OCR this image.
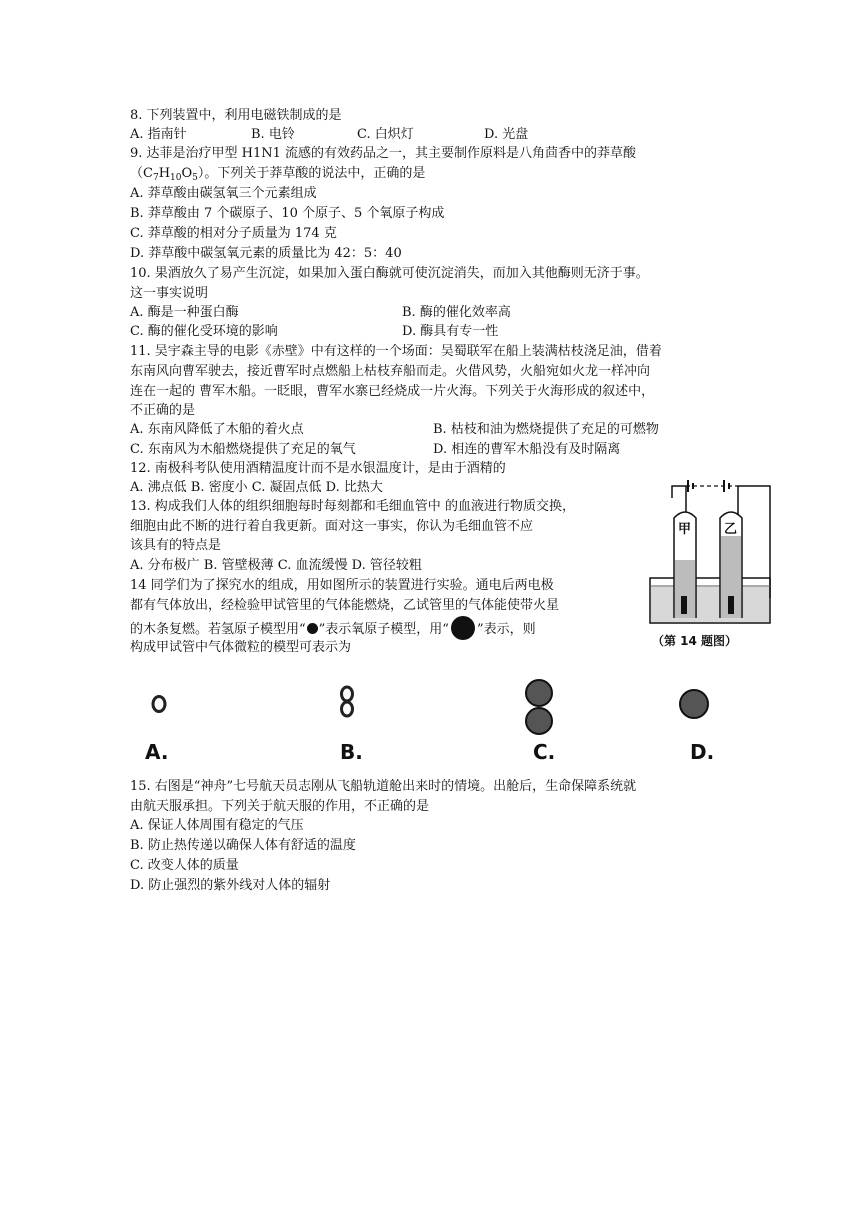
8. 下列装置中，利用电磁铁制成的是
A. 指南针	B. 电铃	C. 白炽灯	D. 光盘
9. 达菲是治疗甲型 H1N1 流感的有效药品之一，其主要制作原料是八角茴香中的莽草酸
$(C_7H_{10}O_5)$。下列关于莽草酸的说法中，正确的是
A. 莽草酸由碳氢氧三个元素组成
B. 莽草酸由 7 个碳原子、10 个原子、5 个氧原子构成
C. 莽草酸的相对分子质量为 174 克
D. 莽草酸中碳氢氧元素的质量比为 42：5：40
10. 果酒放久了易产生沉淀，如果加入蛋白酶就可使沉淀消失，而加入其他酶则无济于事。
这一事实说明
A. 酶是一种蛋白酶	B. 酶的催化效率高
C. 酶的催化受环境的影响	D. 酶具有专一性
11. 吴宇森主导的电影《赤壁》中有这样的一个场面：吴蜀联军在船上装满枯枝浇足油，借着
东南风向曹军驶去，接近曹军时点燃船上枯枝弃船而走。火借风势，火船宛如火龙一样冲向
连在一起的 曹军木船。一眨眼，曹军水寨已经烧成一片火海。下列关于火海形成的叙述中，
不正确的是
A. 东南风降低了木船的着火点	B. 枯枝和油为燃烧提供了充足的可燃物
C. 东南风为木船燃烧提供了充足的氧气	D. 相连的曹军木船没有及时隔离
12. 南极科考队使用酒精温度计而不是水银温度计，是由于酒精的
A. 沸点低 B. 密度小 C. 凝固点低 D. 比热大
13. 构成我们人体的组织细胞每时每刻都和毛细血管中 的血液进行物质交换，
细胞由此不断的进行着自我更新。面对这一事实，你认为毛细血管不应
该具有的特点是
A. 分布极广 B. 管壁极薄 C. 血流缓慢 D. 管径较粗
14 同学们为了探究水的组成，用如图所示的装置进行实验。通电后两电极
都有气体放出，经检验甲试管里的气体能燃烧，乙试管里的气体能使带火星
的木条复燃。若氢原子模型用“ ”表示氧原子模型，用“ ”表示，则
构成甲试管中气体微粒的模型可表示为
甲	乙
（第 14 题图）
A.	B.	C.	D.
15. 右图是“神舟”七号航天员志刚从飞船轨道舱出来时的情境。出舱后，生命保障系统就
由航天服承担。下列关于航天服的作用，不正确的是
A. 保证人体周围有稳定的气压
B. 防止热传递以确保人体有舒适的温度
C. 改变人体的质量
D. 防止强烈的紫外线对人体的辐射
